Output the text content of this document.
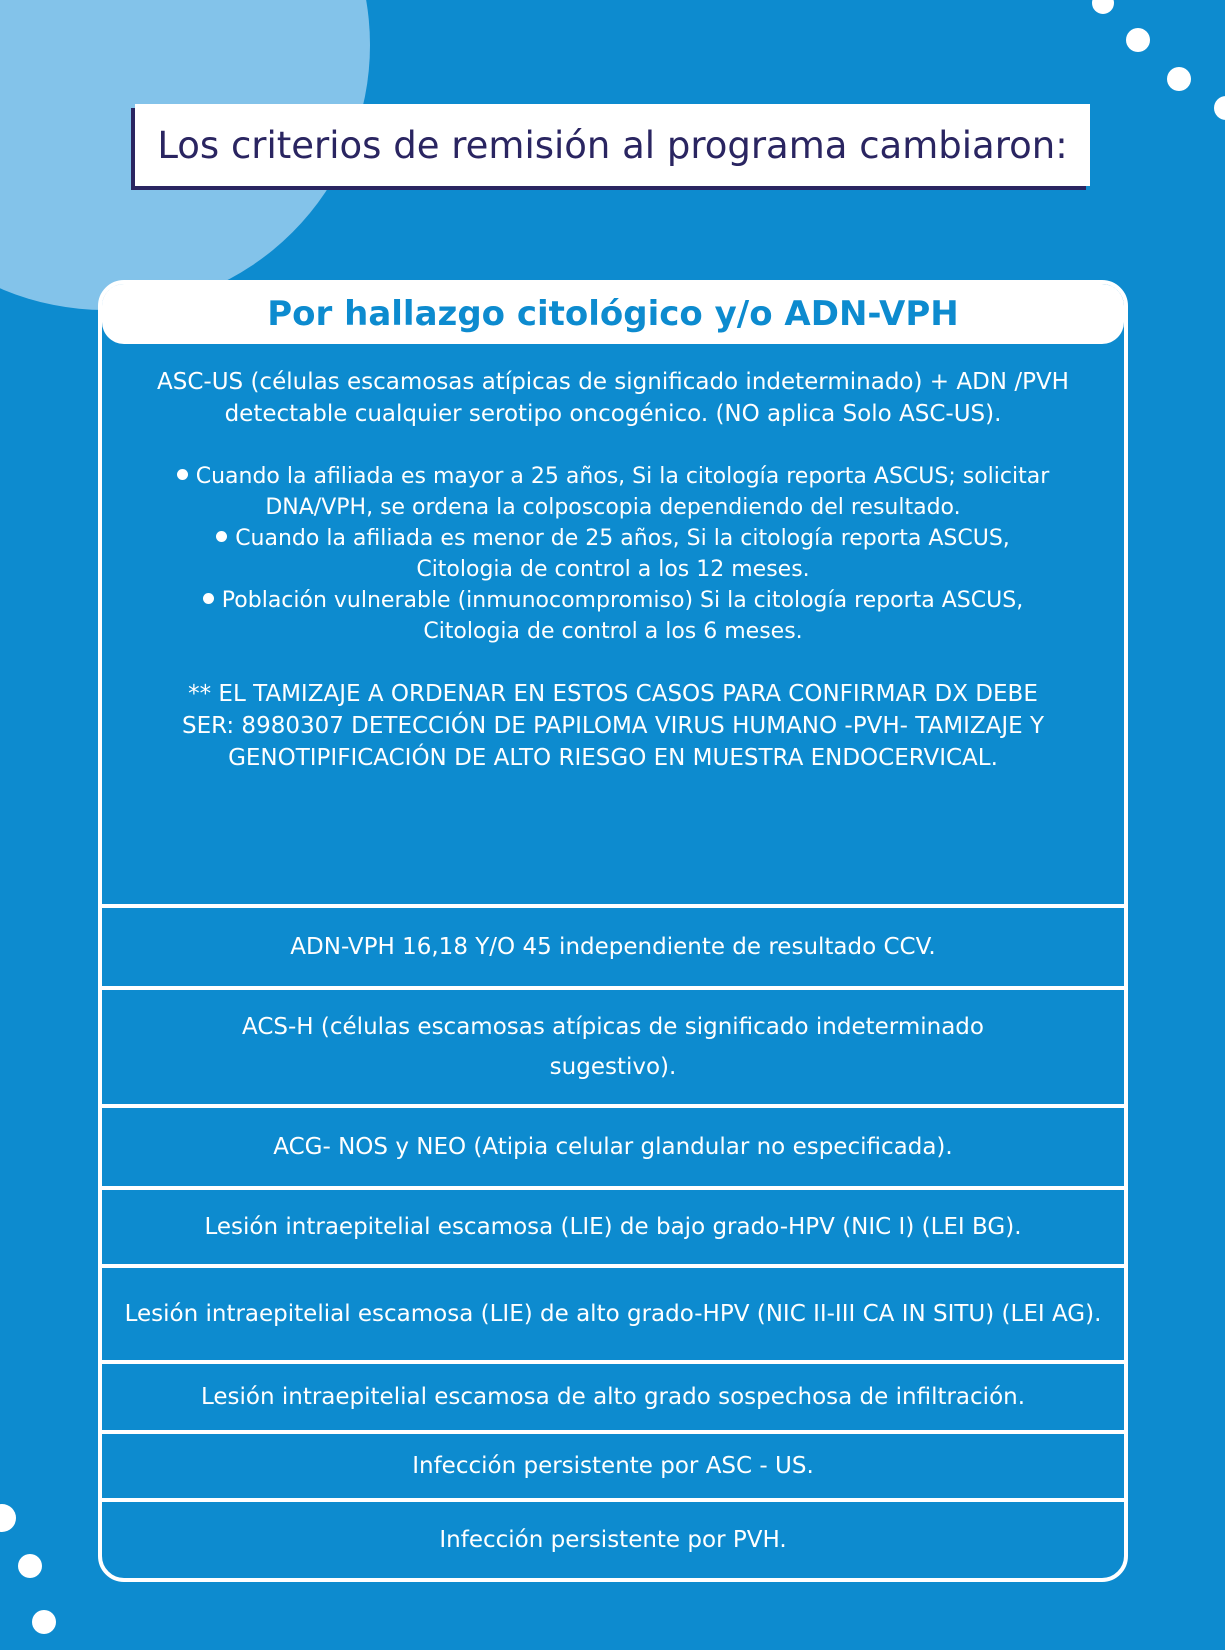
Los criterios de remisión al programa cambiaron:
Por hallazgo citológico y/o ADN-VPH
ASC-US (células escamosas atípicas de significado indeterminado) + ADN /PVH detectable cualquier serotipo oncogénico. (NO aplica Solo ASC-US).
Cuando la afiliada es mayor a 25 años, Si la citología reporta ASCUS; solicitar DNA/VPH, se ordena la colposcopia dependiendo del resultado.
Cuando la afiliada es menor de 25 años, Si la citología reporta ASCUS, Citologia de control a los 12 meses.
Población vulnerable (inmunocompromiso) Si la citología reporta ASCUS, Citologia de control a los 6 meses.
** EL TAMIZAJE A ORDENAR EN ESTOS CASOS PARA CONFIRMAR DX DEBE SER: 8980307 DETECCIÓN DE PAPILOMA VIRUS HUMANO -PVH- TAMIZAJE Y GENOTIPIFICACIÓN DE ALTO RIESGO EN MUESTRA ENDOCERVICAL.
ADN-VPH 16,18 Y/O 45 independiente de resultado CCV.
ACS-H (células escamosas atípicas de significado indeterminado sugestivo).
ACG- NOS y NEO (Atipia celular glandular no especificada).
Lesión intraepitelial escamosa (LIE) de bajo grado-HPV (NIC I) (LEI BG).
Lesión intraepitelial escamosa (LIE) de alto grado-HPV (NIC II-III CA IN SITU) (LEI AG).
Lesión intraepitelial escamosa de alto grado sospechosa de infiltración.
Infección persistente por ASC - US.
Infección persistente por PVH.
